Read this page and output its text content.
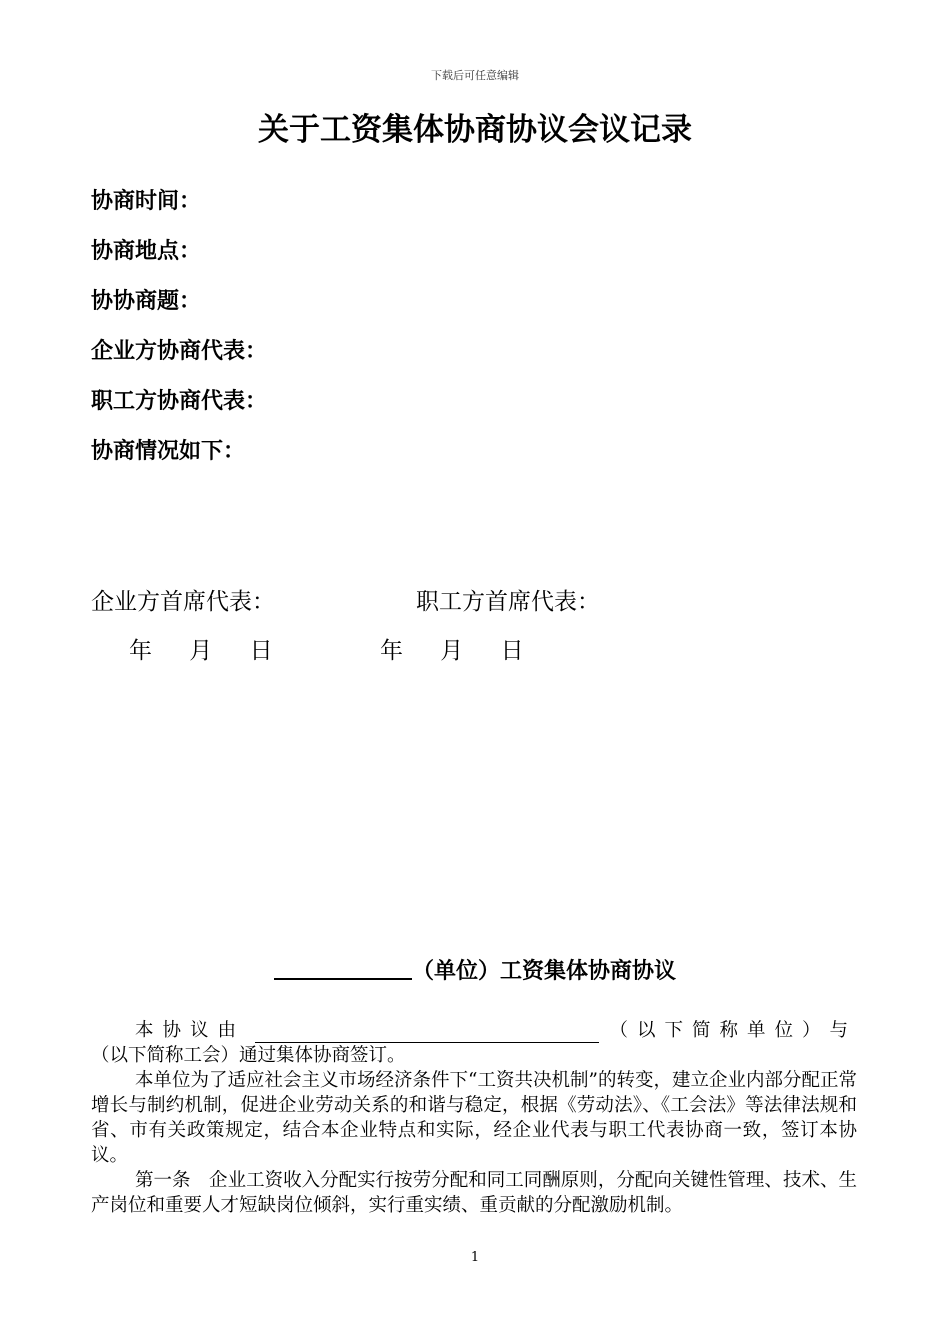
下载后可任意编辑
关于工资集体协商协议会议记录
协商时间：
协商地点：
协协商题：
企业方协商代表：
职工方协商代表：
协商情况如下：
企业方首席代表：	职工方首席代表：
年 月 日	年 月 日
（单位）工资集体协商协议
本协议由	（以下简称单位）与
（以下简称工会）通过集体协商签订。
本单位为了适应社会主义市场经济条件下“工资共决机制”的转变，建立企业内部分配正常增长与制约机制，促进企业劳动关系的和谐与稳定，根据《劳动法》、《工会法》等法律法规和省、市有关政策规定，结合本企业特点和实际，经企业代表与职工代表协商一致，签订本协议。
第一条　企业工资收入分配实行按劳分配和同工同酬原则，分配向关键性管理、技术、生产岗位和重要人才短缺岗位倾斜，实行重实绩、重贡献的分配激励机制。
1
